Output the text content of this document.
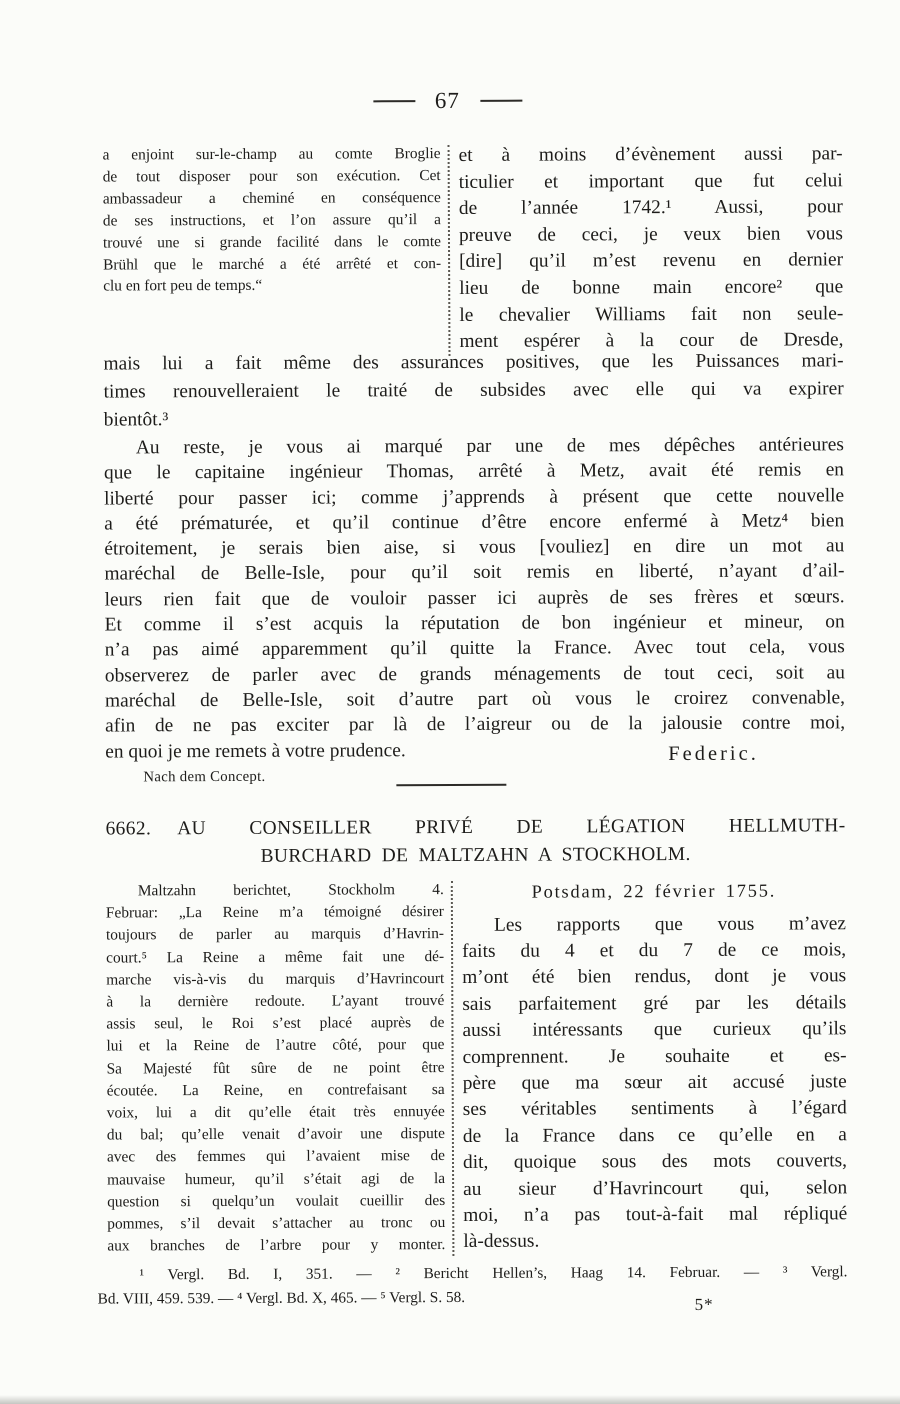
67
a enjoint sur-le-champ au comte Broglie
de tout disposer pour son exécution. Cet
ambassadeur a cheminé en conséquence
de ses instructions, et l’on assure qu’il a
trouvé une si grande facilité dans le comte
Brühl que le marché a été arrêté et con-
clu en fort peu de temps.“
et à moins d’évènement aussi par-
ticulier et important que fut celui
de l’année 1742.¹ Aussi, pour
preuve de ceci, je veux bien vous
[dire] qu’il m’est revenu en dernier
lieu de bonne main encore² que
le chevalier Williams fait non seule-
ment espérer à la cour de Dresde,
mais lui a fait même des assurances positives, que les Puissances mari-
times renouvelleraient le traité de subsides avec elle qui va expirer
bientôt.³
Au reste, je vous ai marqué par une de mes dépêches antérieures
que le capitaine ingénieur Thomas, arrêté à Metz, avait été remis en
liberté pour passer ici; comme j’apprends à présent que cette nouvelle
a été prématurée, et qu’il continue d’être encore enfermé à Metz⁴ bien
étroitement, je serais bien aise, si vous [vouliez] en dire un mot au
maréchal de Belle-Isle, pour qu’il soit remis en liberté, n’ayant d’ail-
leurs rien fait que de vouloir passer ici auprès de ses frères et sœurs.
Et comme il s’est acquis la réputation de bon ingénieur et mineur, on
n’a pas aimé apparemment qu’il quitte la France. Avec tout cela, vous
observerez de parler avec de grands ménagements de tout ceci, soit au
maréchal de Belle-Isle, soit d’autre part où vous le croirez convenable,
afin de ne pas exciter par là de l’aigreur ou de la jalousie contre moi,
en quoi je me remets à votre prudence.	Federic.
Nach dem Concept.
6662. AU CONSEILLER PRIVÉ DE LÉGATION HELLMUTH-
BURCHARD DE MALTZAHN A STOCKHOLM.
Maltzahn berichtet, Stockholm 4.
Februar: „La Reine m’a témoigné désirer
toujours de parler au marquis d’Havrin-
court.⁵ La Reine a même fait une dé-
marche vis-à-vis du marquis d’Havrincourt
à la dernière redoute. L’ayant trouvé
assis seul, le Roi s’est placé auprès de
lui et la Reine de l’autre côté, pour que
Sa Majesté fût sûre de ne point être
écoutée. La Reine, en contrefaisant sa
voix, lui a dit qu’elle était très ennuyée
du bal; qu’elle venait d’avoir une dispute
avec des femmes qui l’avaient mise de
mauvaise humeur, qu’il s’était agi de la
question si quelqu’un voulait cueillir des
pommes, s’il devait s’attacher au tronc ou
aux branches de l’arbre pour y monter.
Potsdam, 22 février 1755.
Les rapports que vous m’avez
faits du 4 et du 7 de ce mois,
m’ont été bien rendus, dont je vous
sais parfaitement gré par les détails
aussi intéressants que curieux qu’ils
comprennent. Je souhaite et es-
père que ma sœur ait accusé juste
ses véritables sentiments à l’égard
de la France dans ce qu’elle en a
dit, quoique sous des mots couverts,
au sieur d’Havrincourt qui, selon
moi, n’a pas tout-à-fait mal répliqué
là-dessus.
¹ Vergl. Bd. I, 351. — ² Bericht Hellen’s, Haag 14. Februar. — ³ Vergl.
Bd. VIII, 459. 539. — ⁴ Vergl. Bd. X, 465. — ⁵ Vergl. S. 58.	5*
